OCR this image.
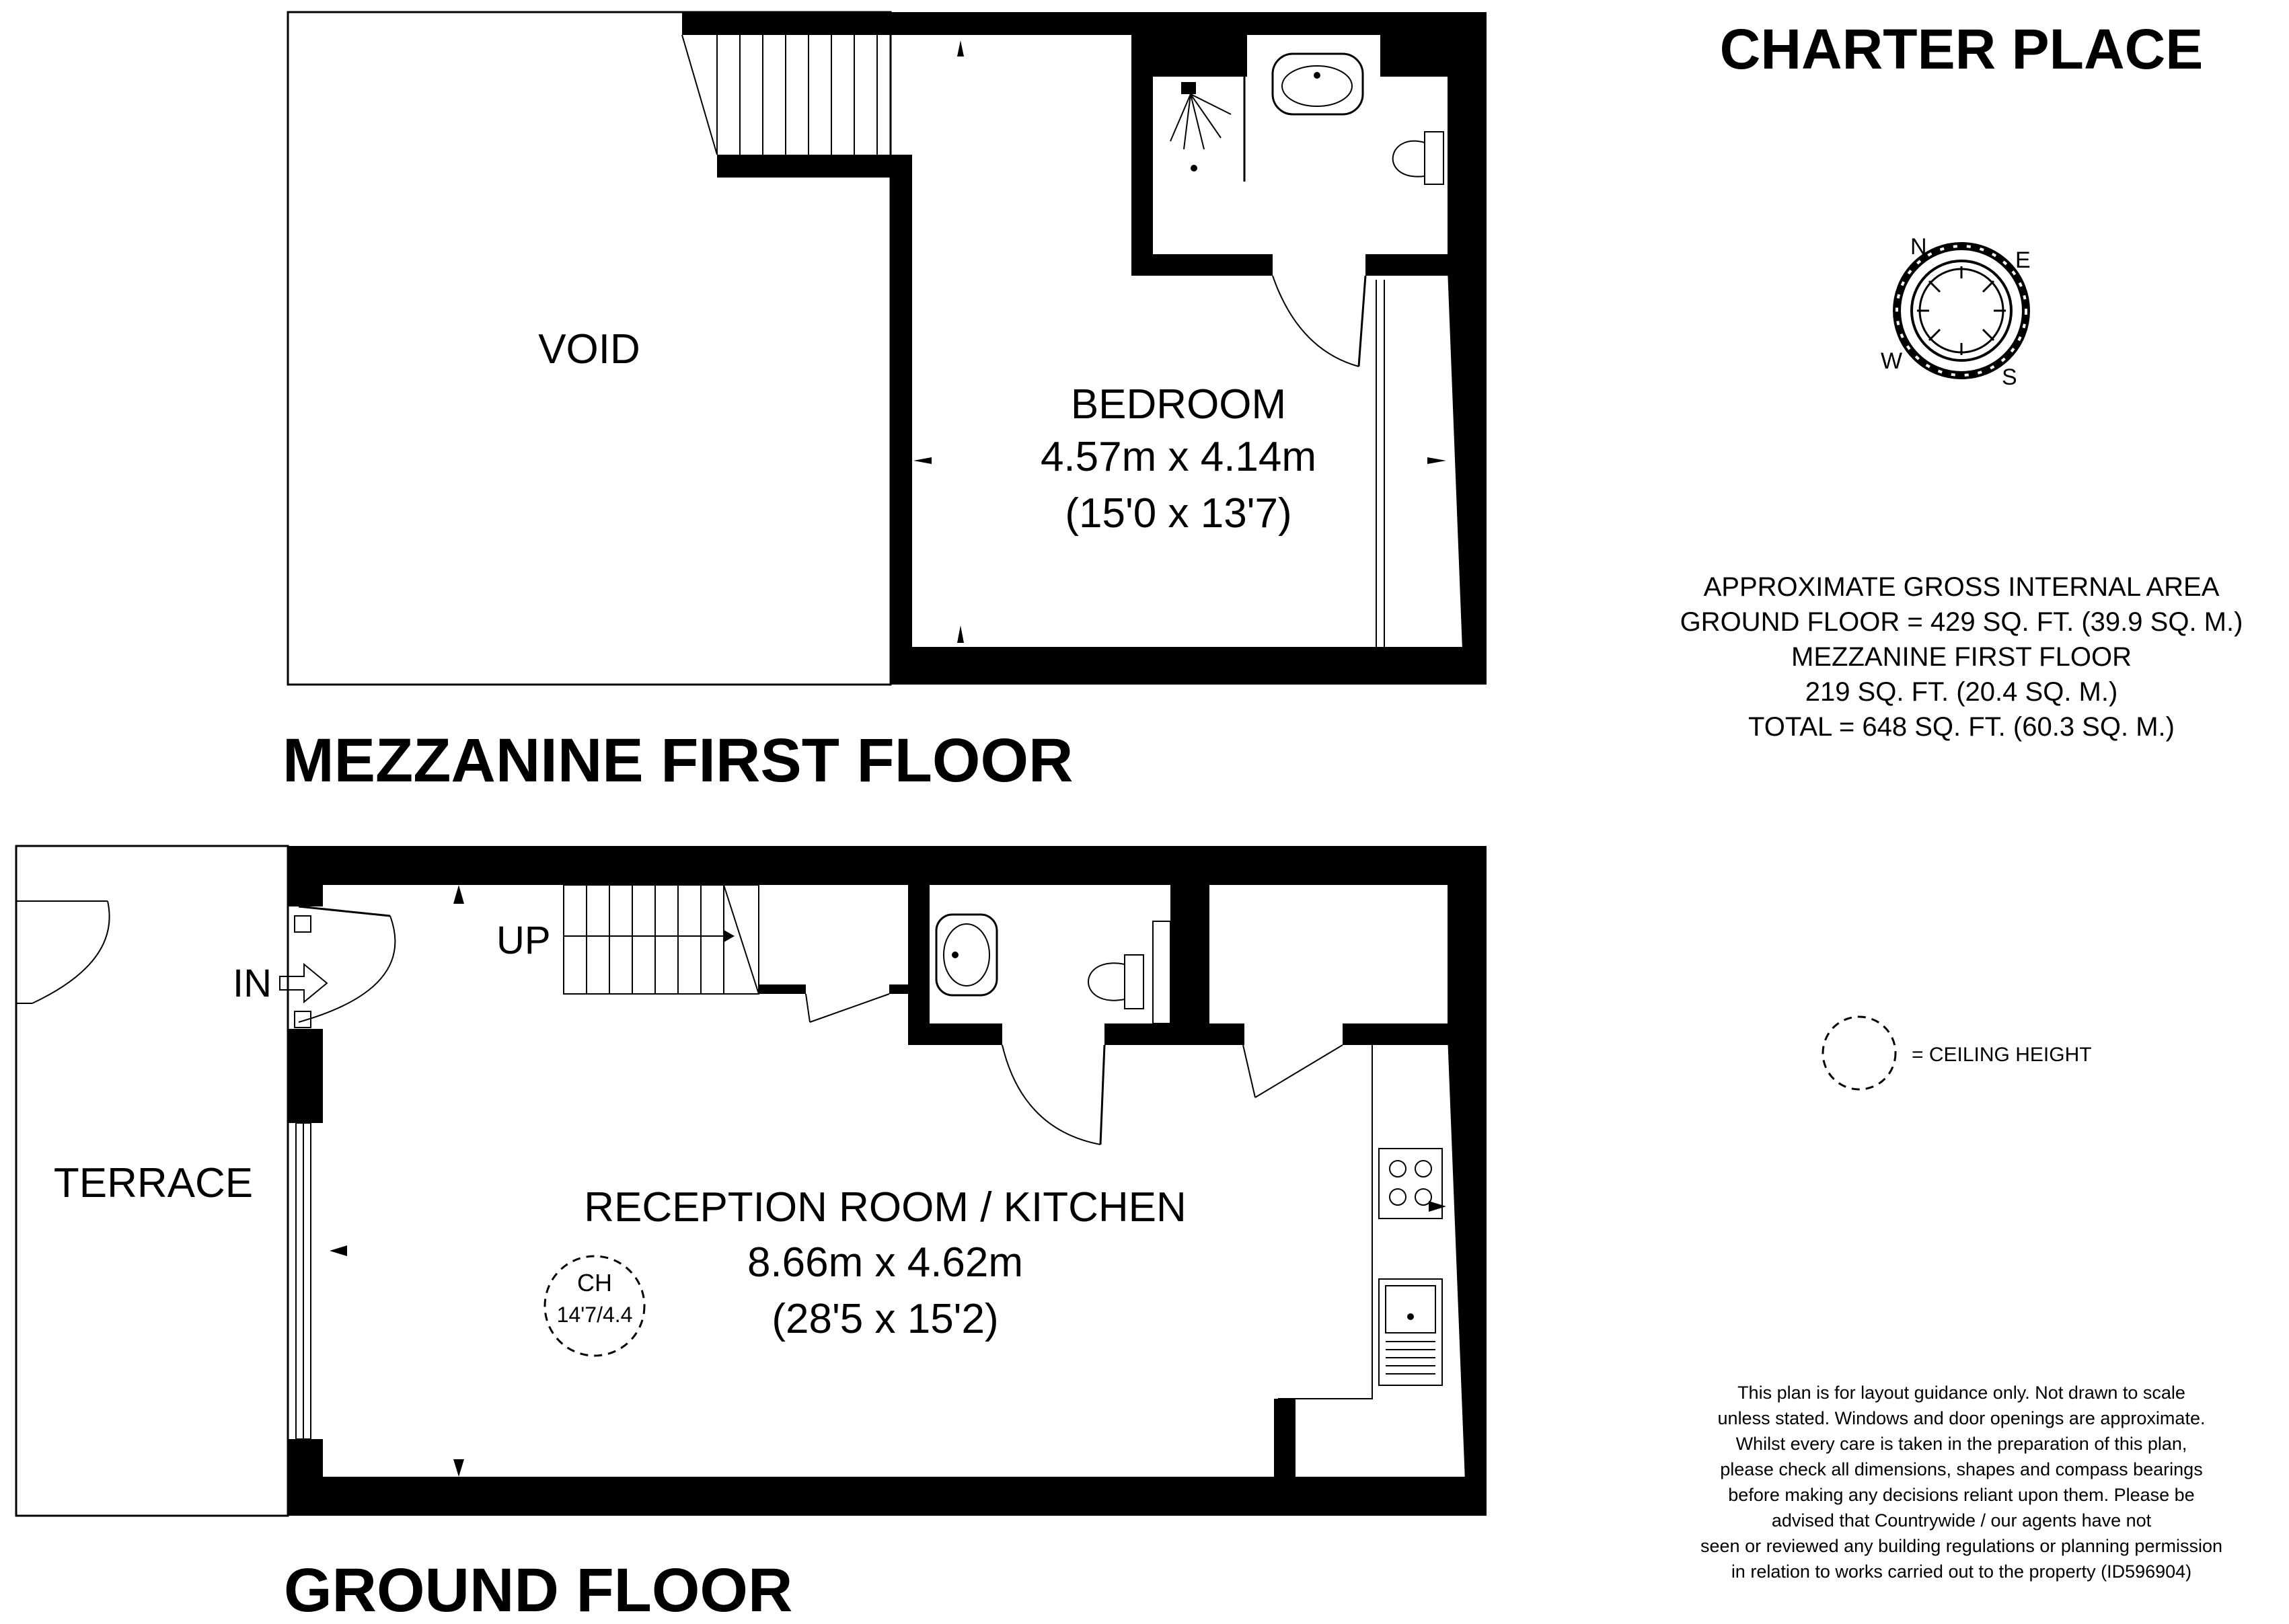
N
E
W
S
CHARTER PLACE
VOID
BEDROOM
4.57m x 4.14m
(15'0 x 13'7)
MEZZANINE FIRST FLOOR
TERRACE
IN
UP
RECEPTION ROOM / KITCHEN
8.66m x 4.62m
(28'5 x 15'2)
CH
14'7/4.4
GROUND FLOOR
APPROXIMATE GROSS INTERNAL AREA
GROUND FLOOR = 429 SQ. FT. (39.9 SQ. M.)
MEZZANINE FIRST FLOOR
219 SQ. FT. (20.4 SQ. M.)
TOTAL = 648 SQ. FT. (60.3 SQ. M.)
= CEILING HEIGHT
This plan is for layout guidance only. Not drawn to scale
unless stated. Windows and door openings are approximate.
Whilst every care is taken in the preparation of this plan,
please check all dimensions, shapes and compass bearings
before making any decisions reliant upon them. Please be
advised that Countrywide / our agents have not
seen or reviewed any building regulations or planning permission
in relation to works carried out to the property (ID596904)
